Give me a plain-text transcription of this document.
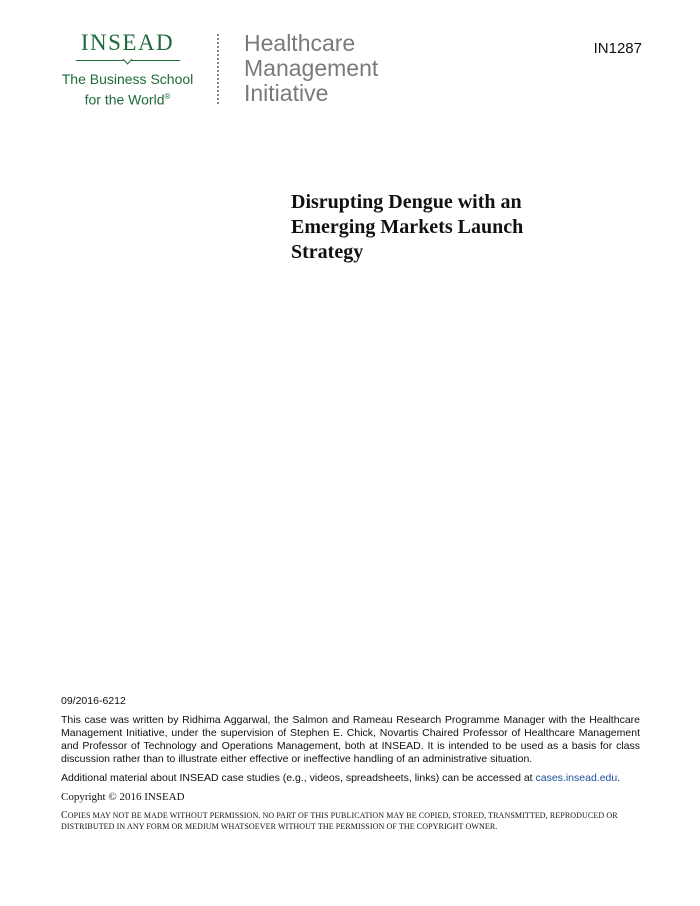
INSEAD
The Business School
for the World®
Healthcare
Management
Initiative
IN1287
Disrupting Dengue with an
Emerging Markets Launch
Strategy

09/2016-6212

This case was written by Ridhima Aggarwal, the Salmon and Rameau Research Programme Manager with the Healthcare Management Initiative, under the supervision of Stephen E. Chick, Novartis Chaired Professor of Healthcare Management and Professor of Technology and Operations Management, both at INSEAD. It is intended to be used as a basis for class discussion rather than to illustrate either effective or ineffective handling of an administrative situation.

Additional material about INSEAD case studies (e.g., videos, spreadsheets, links) can be accessed at cases.insead.edu.

Copyright © 2016 INSEAD

COPIES MAY NOT BE MADE WITHOUT PERMISSION. NO PART OF THIS PUBLICATION MAY BE COPIED, STORED, TRANSMITTED, REPRODUCED OR DISTRIBUTED IN ANY FORM OR MEDIUM WHATSOEVER WITHOUT THE PERMISSION OF THE COPYRIGHT OWNER.
